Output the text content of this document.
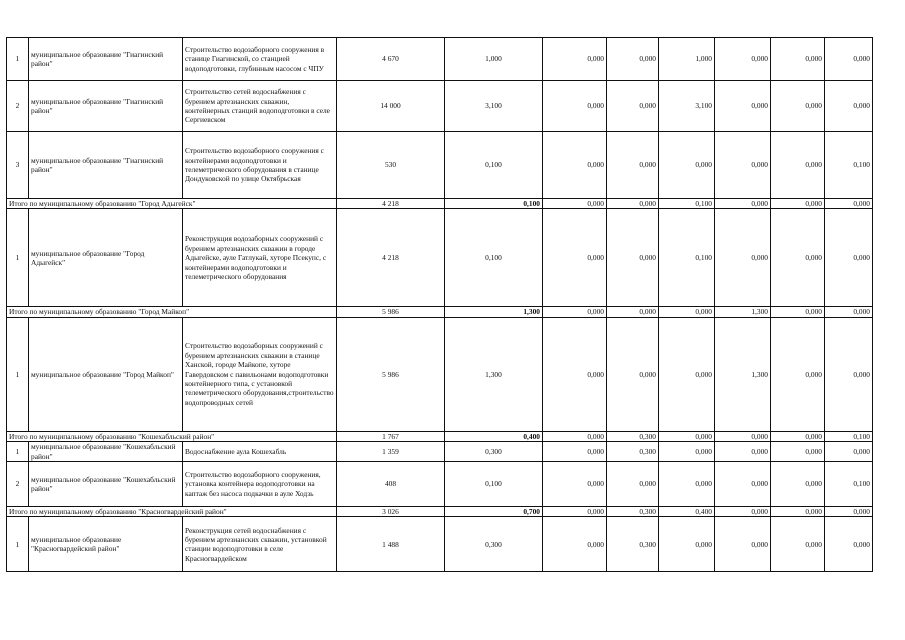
1	муниципальное образование "Гиагинский район"	Строительство водозаборного сооружения в станице Гиагинской, со станцией водоподготовки, глубинным насосом с ЧПУ	4 670	1,000	0,000	0,000	1,000	0,000	0,000	0,000
2	муниципальное образование "Гиагинский район"	Строительство сетей водоснабжения с бурением артезианских скважин, контейнерных станций водоподготовки в селе Сергиевском	14 000	3,100	0,000	0,000	3,100	0,000	0,000	0,000
3	муниципальное образование "Гиагинский район"	Строительство водозаборного сооружения с контейнерами водоподготовки и телеметрического оборудования в станице Дондуковской по улице Октябрьская	530	0,100	0,000	0,000	0,000	0,000	0,000	0,100
Итого по муниципальному образованию "Город Адыгейск"			4 218	0,100	0,000	0,000	0,100	0,000	0,000	0,000
1	муниципальное образование "Город Адыгейск"	Реконструкция водозаборных сооружений с бурением артезианских скважин в городе Адыгейске, ауле Гатлукай, хуторе Псекупс, с контейнерами водоподготовки и телеметрического оборудования	4 218	0,100	0,000	0,000	0,100	0,000	0,000	0,000
Итого по муниципальному образованию "Город Майкоп"			5 986	1,300	0,000	0,000	0,000	1,300	0,000	0,000
1	муниципальное образование "Город Майкоп"	Строительство водозаборных сооружений с бурением артезианских скважин в станице Ханской, городе Майкопе, хуторе Гавердовском с павильонами водоподготовки контейнерного типа, с установкой телеметрического оборудования,строительство водопроводных сетей	5 986	1,300	0,000	0,000	0,000	1,300	0,000	0,000
Итого по муниципальному образованию "Кошехабльский район"			1 767	0,400	0,000	0,300	0,000	0,000	0,000	0,100
1	муниципальное образование "Кошехабльский район"	Водоснабжение аула Кошехабль	1 359	0,300	0,000	0,300	0,000	0,000	0,000	0,000
2	муниципальное образование "Кошехабльский район"	Строительство водозаборного сооружения, установка контейнера водоподготовки на каптаж без насоса подкачки в ауле Ходзь	408	0,100	0,000	0,000	0,000	0,000	0,000	0,100
Итого по муниципальному образованию "Красногвардейский район"			3 026	0,700	0,000	0,300	0,400	0,000	0,000	0,000
1	муниципальное образование "Красногвардейский район"	Реконструкция сетей водоснабжения с бурением артезианских скважин, установкой станции водоподготовки в селе Красногвардейском	1 488	0,300	0,000	0,300	0,000	0,000	0,000	0,000
